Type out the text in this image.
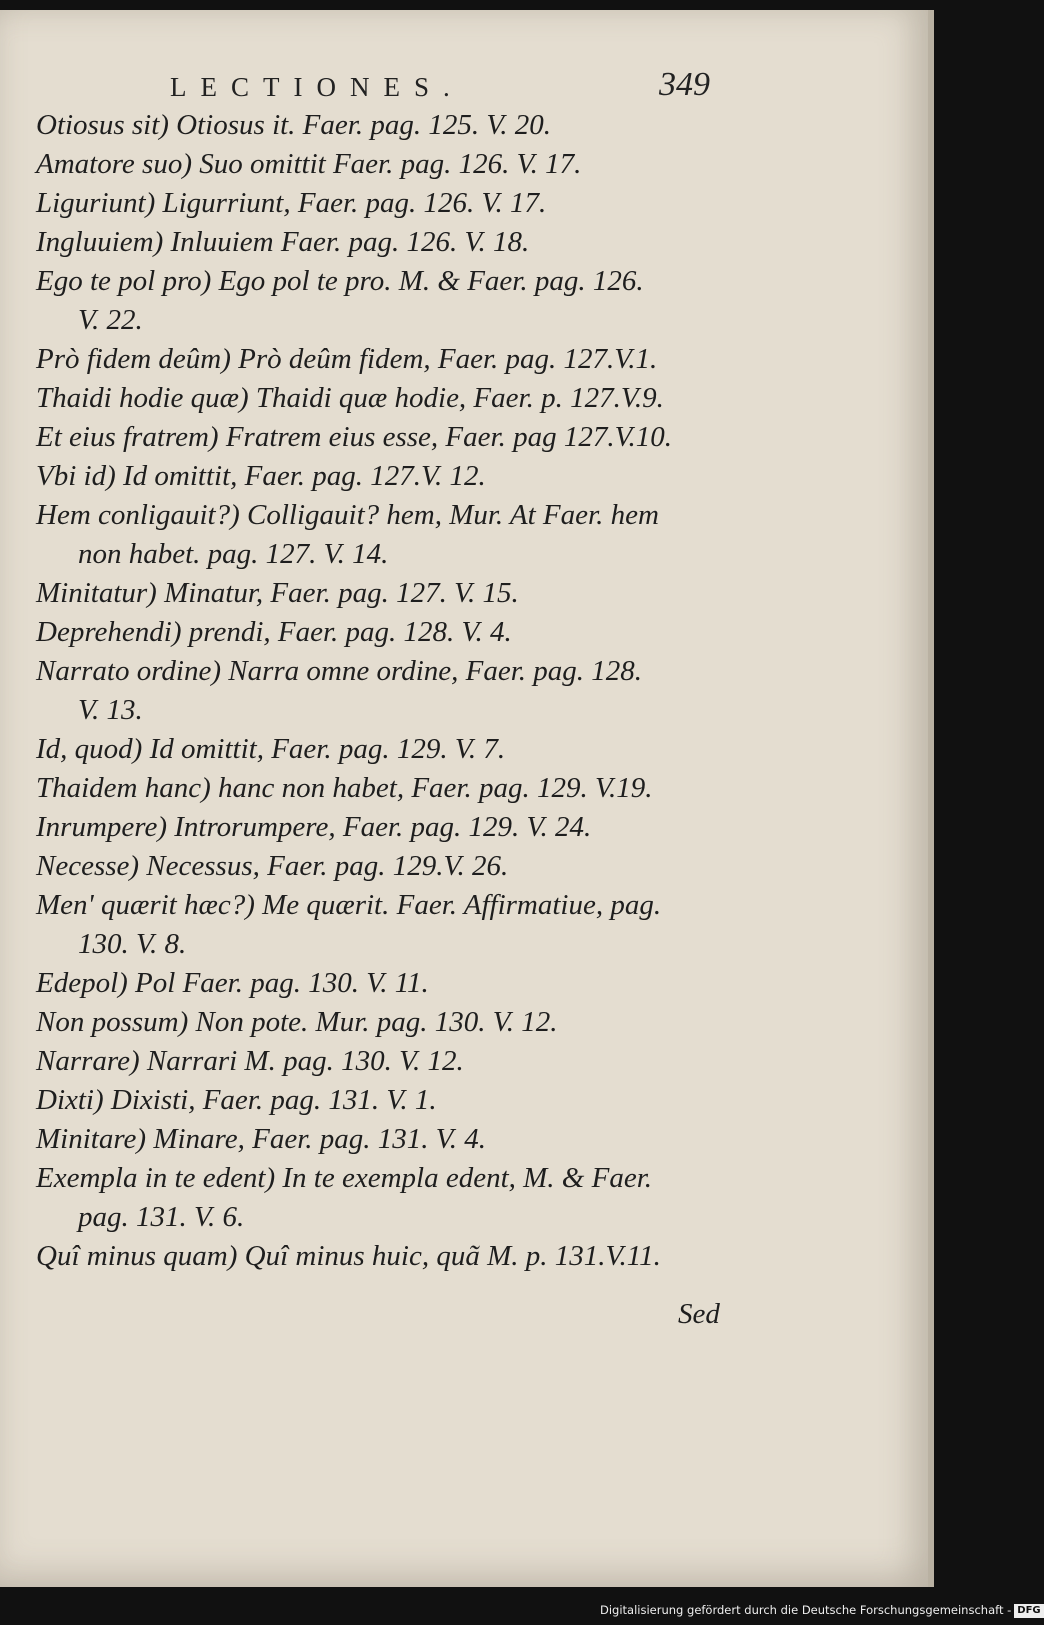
LECTIONES.	349
Otiosus sit) Otiosus it. Faer. pag. 125. V. 20.
Amatore suo) Suo omittit Faer. pag. 126. V. 17.
Liguriunt) Ligurriunt, Faer. pag. 126. V. 17.
Ingluuiem) Inluuiem Faer. pag. 126. V. 18.
Ego te pol pro) Ego pol te pro. M. & Faer. pag. 126.
V. 22.
Prò fidem deûm) Prò deûm fidem, Faer. pag. 127.V.1.
Thaidi hodie quæ) Thaidi quæ hodie, Faer. p. 127.V.9.
Et eius fratrem) Fratrem eius esse, Faer. pag 127.V.10.
Vbi id) Id omittit, Faer. pag. 127.V. 12.
Hem conligauit?) Colligauit? hem, Mur. At Faer. hem
non habet. pag. 127. V. 14.
Minitatur) Minatur, Faer. pag. 127. V. 15.
Deprehendi) prendi, Faer. pag. 128. V. 4.
Narrato ordine) Narra omne ordine, Faer. pag. 128.
V. 13.
Id, quod) Id omittit, Faer. pag. 129. V. 7.
Thaidem hanc) hanc non habet, Faer. pag. 129. V.19.
Inrumpere) Introrumpere, Faer. pag. 129. V. 24.
Necesse) Necessus, Faer. pag. 129.V. 26.
Men' quærit hæc?) Me quærit. Faer. Affirmatiue, pag.
130. V. 8.
Edepol) Pol Faer. pag. 130. V. 11.
Non possum) Non pote. Mur. pag. 130. V. 12.
Narrare) Narrari M. pag. 130. V. 12.
Dixti) Dixisti, Faer. pag. 131. V. 1.
Minitare) Minare, Faer. pag. 131. V. 4.
Exempla in te edent) In te exempla edent, M. & Faer.
pag. 131. V. 6.
Quî minus quam) Quî minus huic, quã M. p. 131.V.11.
Sed
Digitalisierung gefördert durch die Deutsche Forschungsgemeinschaft - DFG
